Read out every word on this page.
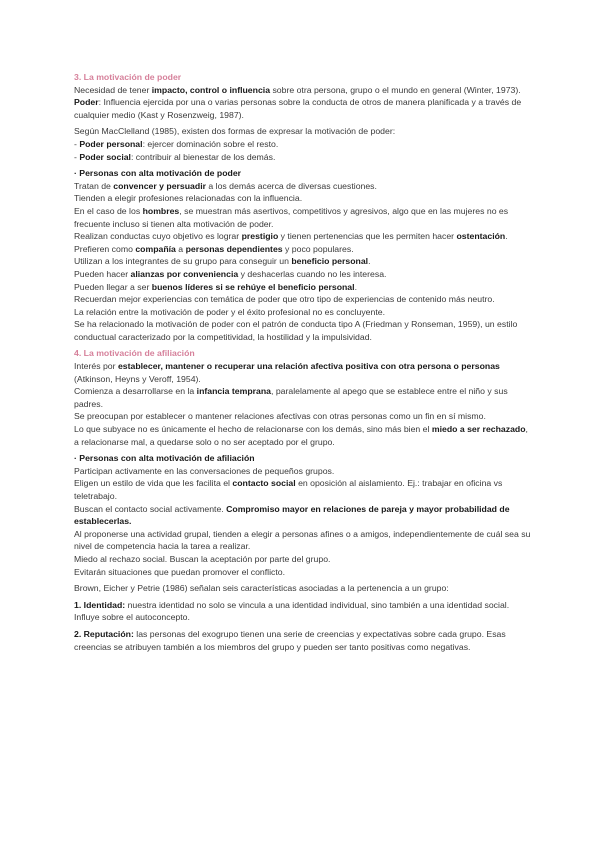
3. La motivación de poder
Necesidad de tener impacto, control o influencia sobre otra persona, grupo o el mundo en general (Winter, 1973).
Poder: Influencia ejercida por una o varias personas sobre la conducta de otros de manera planificada y a través de cualquier medio (Kast y Rosenzweig, 1987).
Según MacClelland (1985), existen dos formas de expresar la motivación de poder:
- Poder personal: ejercer dominación sobre el resto.
- Poder social: contribuir al bienestar de los demás.
· Personas con alta motivación de poder
Tratan de convencer y persuadir a los demás acerca de diversas cuestiones.
Tienden a elegir profesiones relacionadas con la influencia.
En el caso de los hombres, se muestran más asertivos, competitivos y agresivos, algo que en las mujeres no es frecuente incluso si tienen alta motivación de poder.
Realizan conductas cuyo objetivo es lograr prestigio y tienen pertenencias que les permiten hacer ostentación.
Prefieren como compañía a personas dependientes y poco populares.
Utilizan a los integrantes de su grupo para conseguir un beneficio personal.
Pueden hacer alianzas por conveniencia y deshacerlas cuando no les interesa.
Pueden llegar a ser buenos líderes si se rehúye el beneficio personal.
Recuerdan mejor experiencias con temática de poder que otro tipo de experiencias de contenido más neutro.
La relación entre la motivación de poder y el éxito profesional no es concluyente.
Se ha relacionado la motivación de poder con el patrón de conducta tipo A (Friedman y Ronseman, 1959), un estilo conductual caracterizado por la competitividad, la hostilidad y la impulsividad.
4. La motivación de afiliación
Interés por establecer, mantener o recuperar una relación afectiva positiva con otra persona o personas (Atkinson, Heyns y Veroff, 1954).
Comienza a desarrollarse en la infancia temprana, paralelamente al apego que se establece entre el niño y sus padres.
Se preocupan por establecer o mantener relaciones afectivas con otras personas como un fin en sí mismo.
Lo que subyace no es únicamente el hecho de relacionarse con los demás, sino más bien el miedo a ser rechazado, a relacionarse mal, a quedarse solo o no ser aceptado por el grupo.
· Personas con alta motivación de afiliación
Participan activamente en las conversaciones de pequeños grupos.
Eligen un estilo de vida que les facilita el contacto social en oposición al aislamiento. Ej.: trabajar en oficina vs teletrabajo.
Buscan el contacto social activamente. Compromiso mayor en relaciones de pareja y mayor probabilidad de establecerlas.
Al proponerse una actividad grupal, tienden a elegir a personas afines o a amigos, independientemente de cuál sea su nivel de competencia hacia la tarea a realizar.
Miedo al rechazo social. Buscan la aceptación por parte del grupo.
Evitarán situaciones que puedan promover el conflicto.
Brown, Eicher y Petrie (1986) señalan seis características asociadas a la pertenencia a un grupo:
1. Identidad: nuestra identidad no solo se vincula a una identidad individual, sino también a una identidad social. Influye sobre el autoconcepto.
2. Reputación: las personas del exogrupo tienen una serie de creencias y expectativas sobre cada grupo. Esas creencias se atribuyen también a los miembros del grupo y pueden ser tanto positivas como negativas.
